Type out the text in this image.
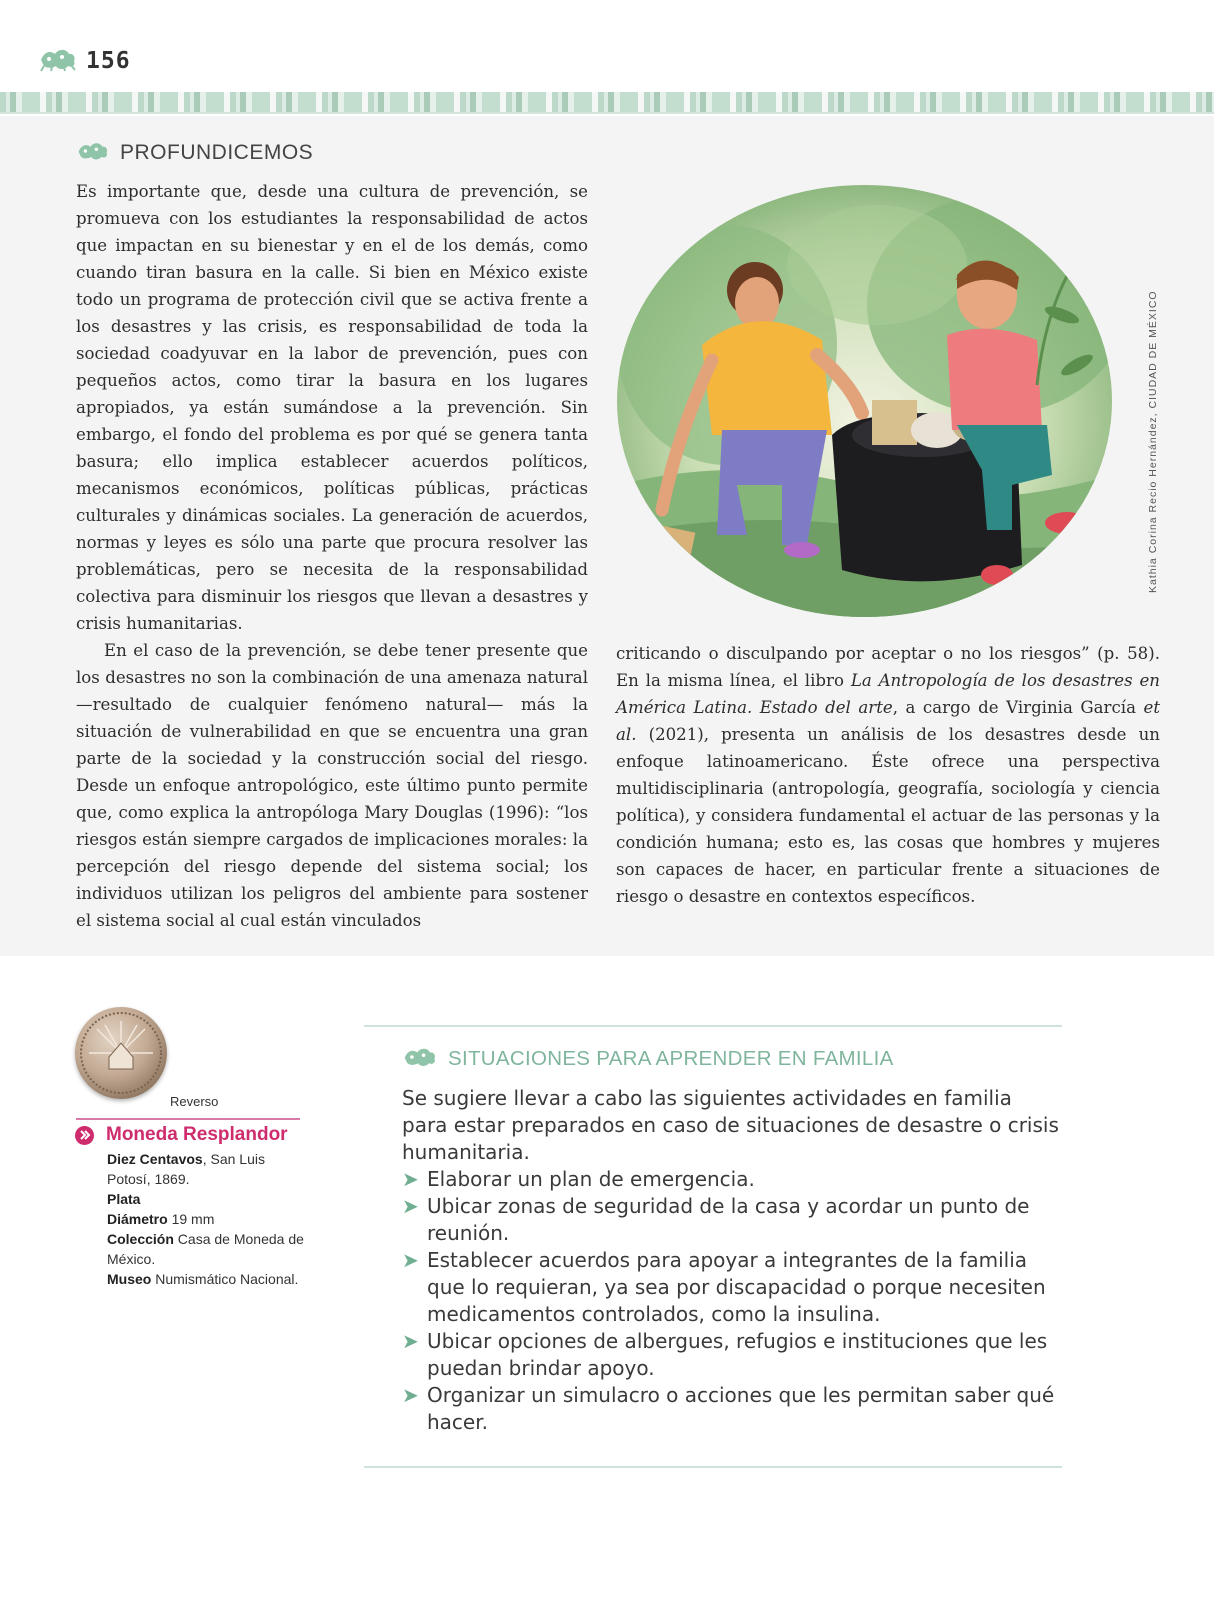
156
PROFUNDICEMOS

Es importante que, desde una cultura de prevención, se promueva con los estudiantes la responsabilidad de actos que impactan en su bienestar y en el de los demás, como cuando tiran basura en la calle. Si bien en México existe todo un programa de protección civil que se activa frente a los desastres y las crisis, es responsabilidad de toda la sociedad coadyuvar en la labor de prevención, pues con pequeños actos, como tirar la basura en los lugares apropiados, ya están sumándose a la prevención. Sin embargo, el fondo del problema es por qué se genera tanta basura; ello implica establecer acuerdos políticos, mecanismos económicos, políticas públicas, prácticas culturales y dinámicas sociales. La generación de acuerdos, normas y leyes es sólo una parte que procura resolver las problemáticas, pero se necesita de la responsabilidad colectiva para disminuir los riesgos que llevan a desastres y crisis humanitarias.

En el caso de la prevención, se debe tener presente que los desastres no son la combinación de una amenaza natural —resultado de cualquier fenómeno natural— más la situación de vulnerabilidad en que se encuentra una gran parte de la sociedad y la construcción social del riesgo. Desde un enfoque antropológico, este último punto permite que, como explica la antropóloga Mary Douglas (1996): “los riesgos están siempre cargados de implicaciones morales: la percepción del riesgo depende del sistema social; los individuos utilizan los peligros del ambiente para sostener el sistema social al cual están vinculados

Kathia Corina Recio Hernández, CIUDAD DE MÉXICO

criticando o disculpando por aceptar o no los riesgos” (p. 58). En la misma línea, el libro La Antropología de los desastres en América Latina. Estado del arte, a cargo de Virginia García et al. (2021), presenta un análisis de los desastres desde un enfoque latinoamericano. Éste ofrece una perspectiva multidisciplinaria (antropología, geografía, sociología y ciencia política), y considera fundamental el actuar de las personas y la condición humana; esto es, las cosas que hombres y mujeres son capaces de hacer, en particular frente a situaciones de riesgo o desastre en contextos específicos.

Reverso
Moneda Resplandor
Diez Centavos, San Luis Potosí, 1869.
Plata
Diámetro 19 mm
Colección Casa de Moneda de México.
Museo Numismático Nacional.
SITUACIONES PARA APRENDER EN FAMILIA

Se sugiere llevar a cabo las siguientes actividades en familia para estar preparados en caso de situaciones de desastre o crisis humanitaria.

➤ Elaborar un plan de emergencia.
➤ Ubicar zonas de seguridad de la casa y acordar un punto de reunión.
➤ Establecer acuerdos para apoyar a integrantes de la familia que lo requieran, ya sea por discapacidad o porque necesiten medicamentos controlados, como la insulina.
➤ Ubicar opciones de albergues, refugios e instituciones que les puedan brindar apoyo.
➤ Organizar un simulacro o acciones que les permitan saber qué hacer.
